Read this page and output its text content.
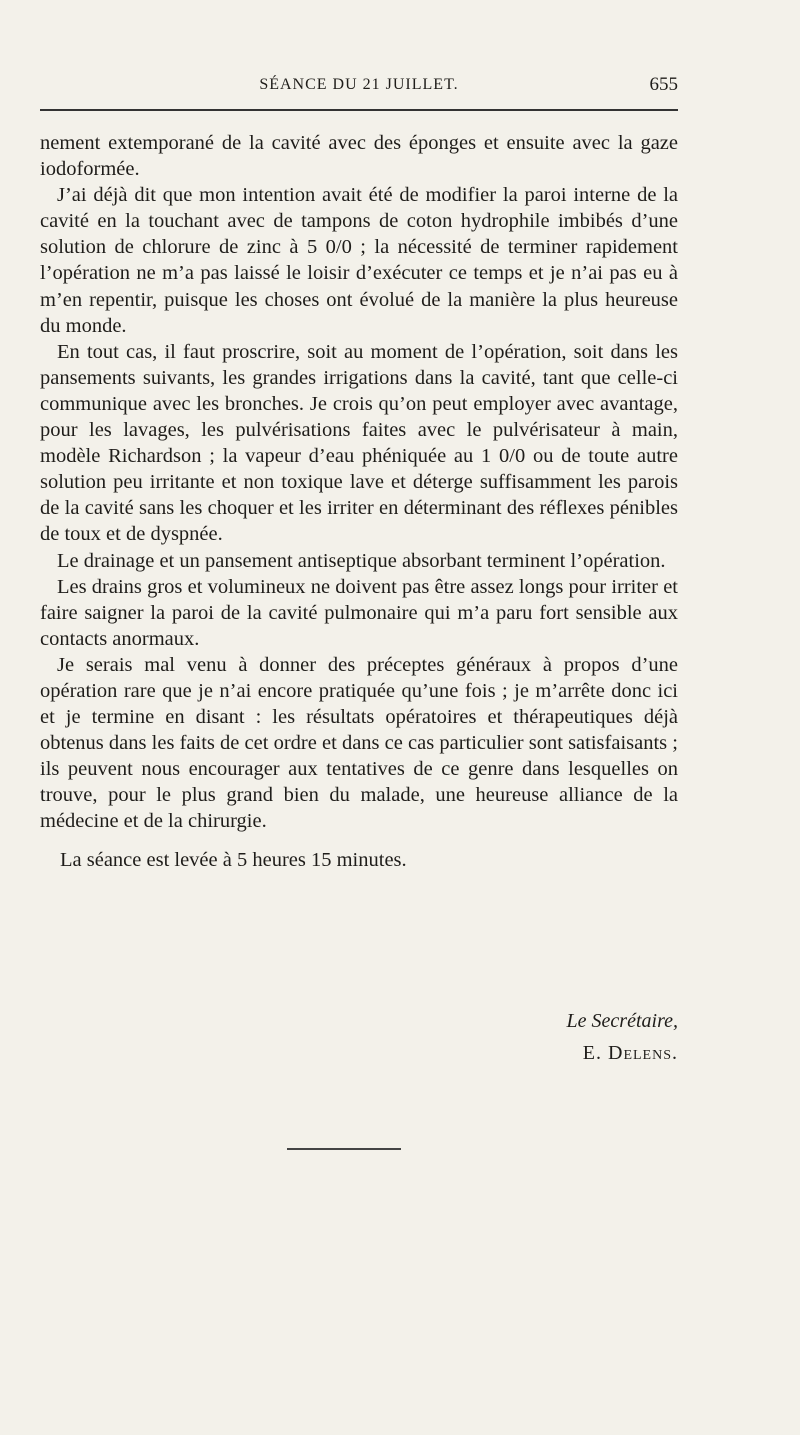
SÉANCE DU 21 JUILLET.	655

nement extemporané de la cavité avec des éponges et ensuite avec la gaze iodoformée.

J’ai déjà dit que mon intention avait été de modifier la paroi interne de la cavité en la touchant avec de tampons de coton hydrophile imbibés d’une solution de chlorure de zinc à 5 0/0 ; la nécessité de terminer rapidement l’opération ne m’a pas laissé le loisir d’exécuter ce temps et je n’ai pas eu à m’en repentir, puisque les choses ont évolué de la manière la plus heureuse du monde.

En tout cas, il faut proscrire, soit au moment de l’opération, soit dans les pansements suivants, les grandes irrigations dans la cavité, tant que celle-ci communique avec les bronches. Je crois qu’on peut employer avec avantage, pour les lavages, les pulvérisations faites avec le pulvérisateur à main, modèle Richardson ; la vapeur d’eau phéniquée au 1 0/0 ou de toute autre solution peu irritante et non toxique lave et déterge suffisamment les parois de la cavité sans les choquer et les irriter en déterminant des réflexes pénibles de toux et de dyspnée.

Le drainage et un pansement antiseptique absorbant terminent l’opération.

Les drains gros et volumineux ne doivent pas être assez longs pour irriter et faire saigner la paroi de la cavité pulmonaire qui m’a paru fort sensible aux contacts anormaux.

Je serais mal venu à donner des préceptes généraux à propos d’une opération rare que je n’ai encore pratiquée qu’une fois ; je m’arrête donc ici et je termine en disant : les résultats opératoires et thérapeutiques déjà obtenus dans les faits de cet ordre et dans ce cas particulier sont satisfaisants ; ils peuvent nous encourager aux tentatives de ce genre dans lesquelles on trouve, pour le plus grand bien du malade, une heureuse alliance de la médecine et de la chirurgie.

La séance est levée à 5 heures 15 minutes.

Le Secrétaire,
E. Delens.
